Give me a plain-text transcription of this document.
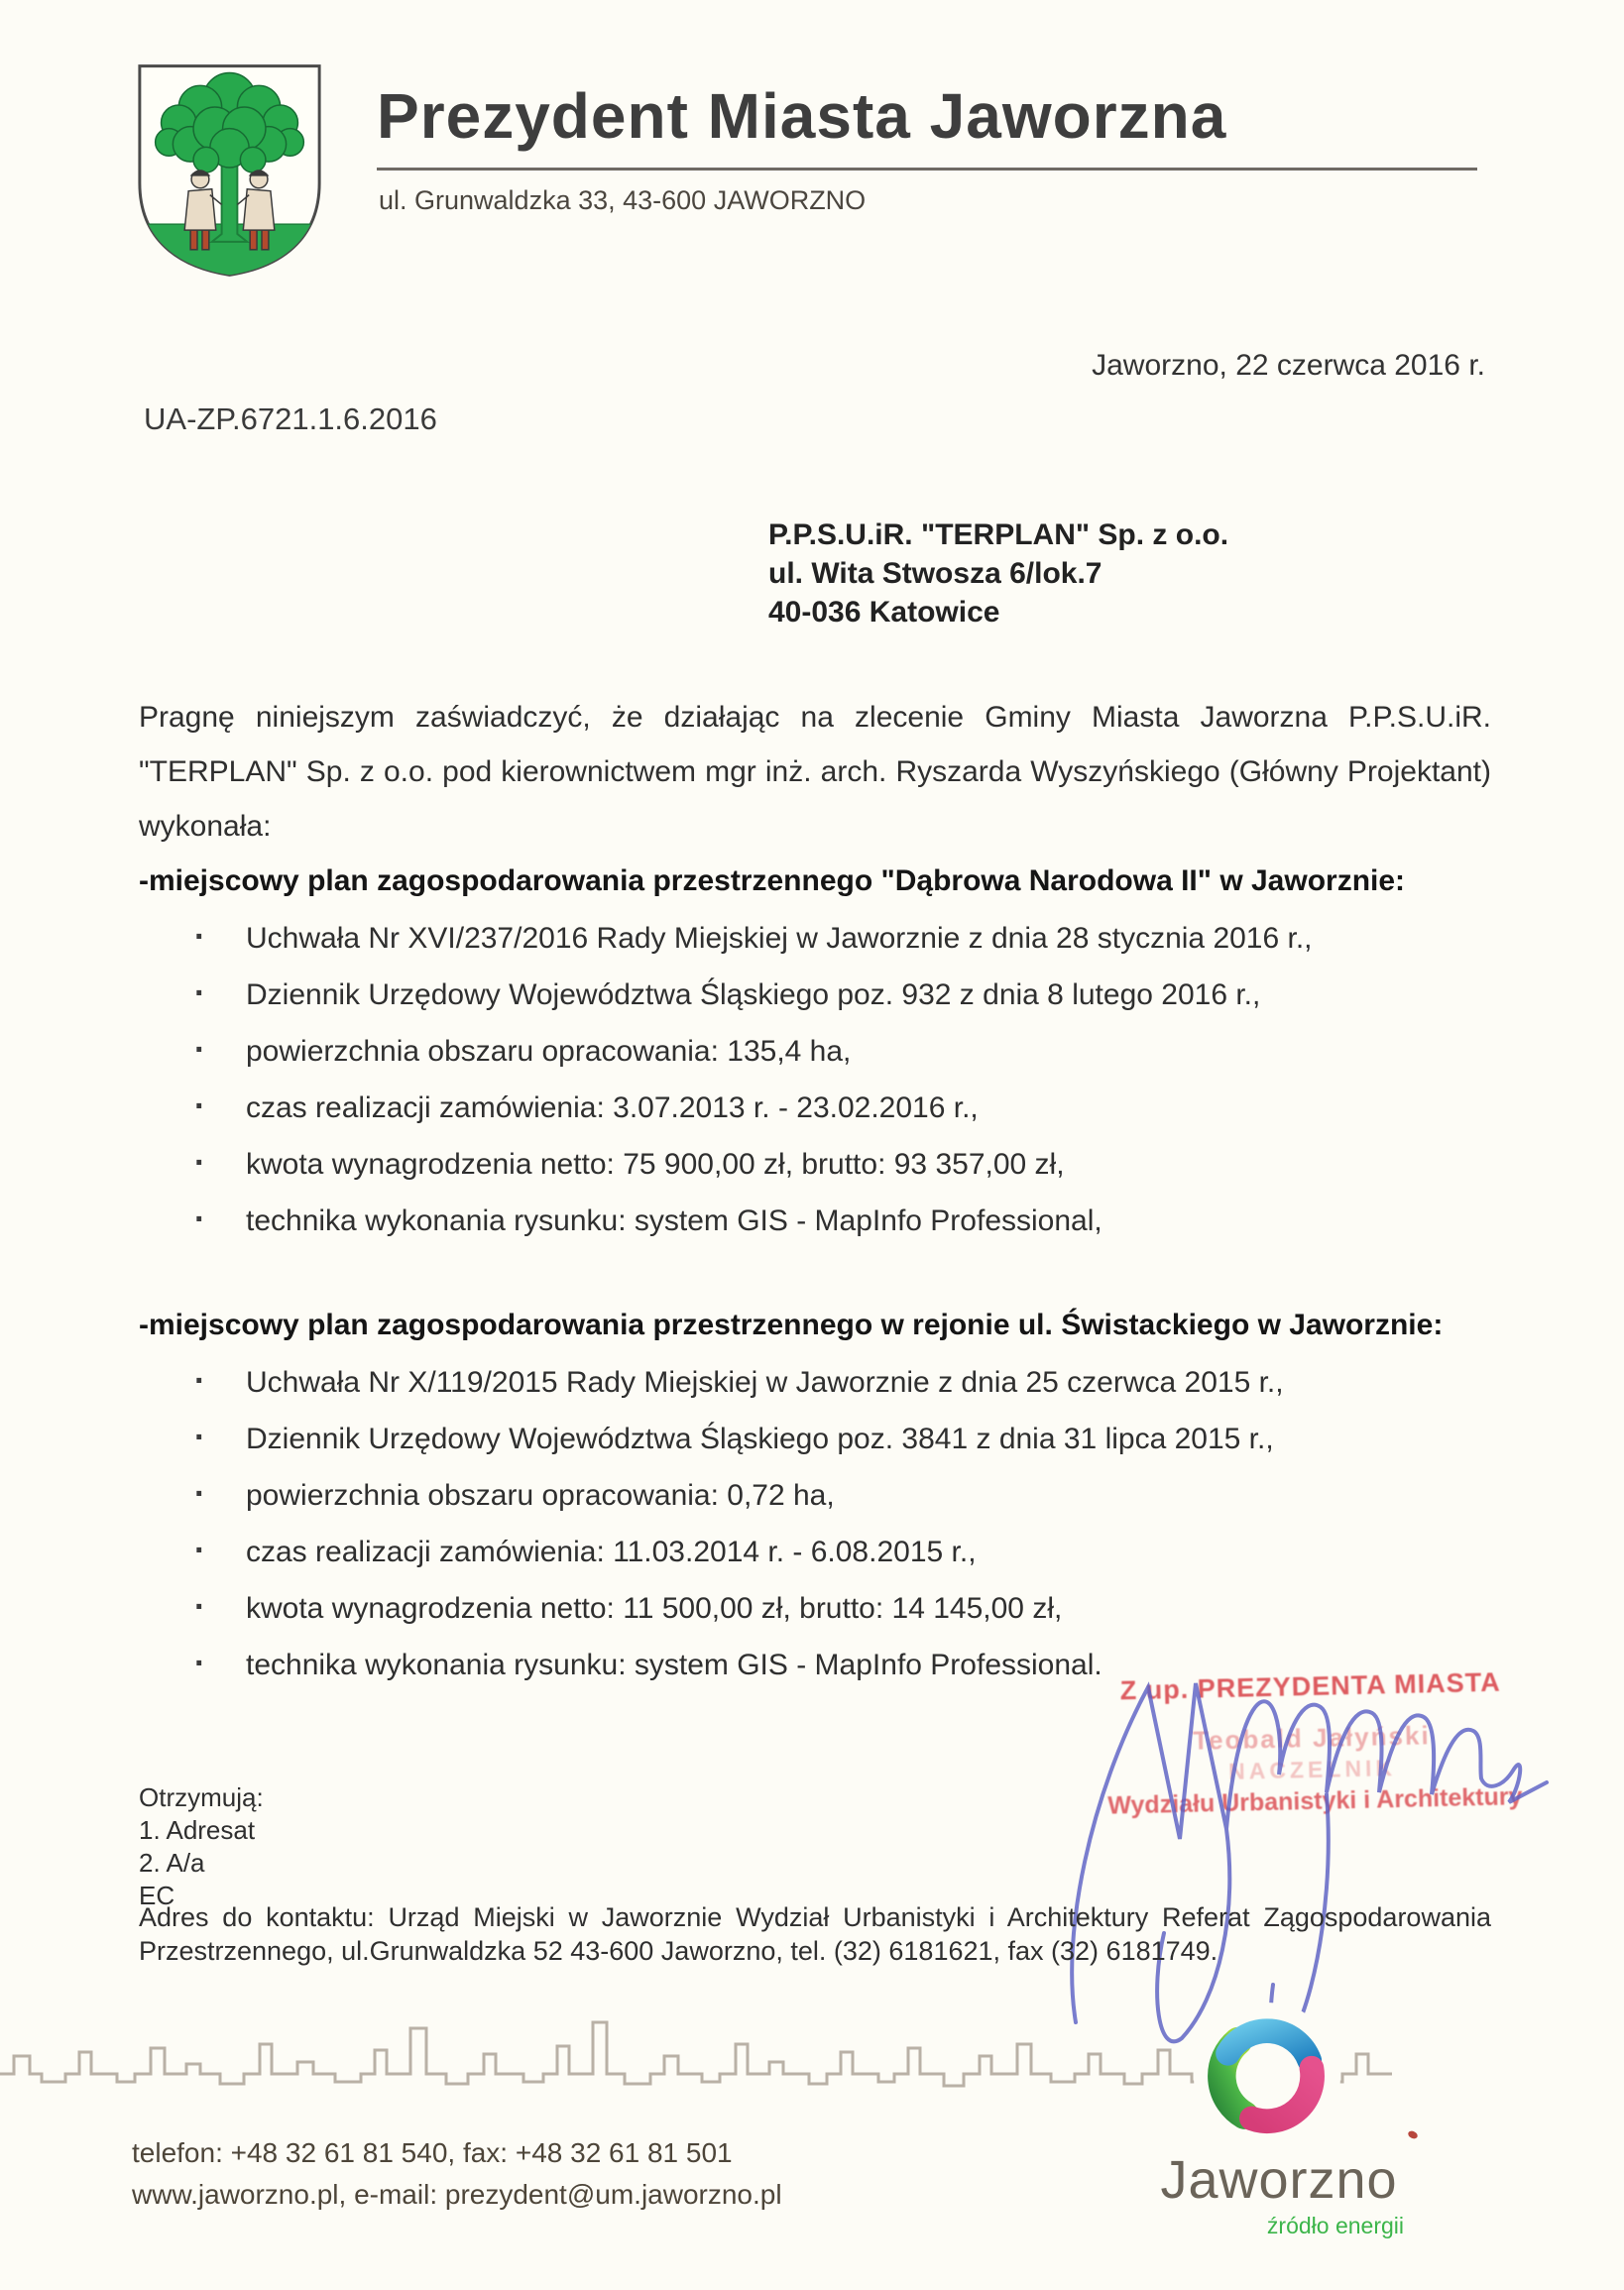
Prezydent Miasta Jaworzna
ul. Grunwaldzka 33, 43-600 JAWORZNO
Jaworzno, 22 czerwca 2016 r.
UA-ZP.6721.1.6.2016
P.P.S.U.iR. "TERPLAN" Sp. z o.o.
ul. Wita Stwosza 6/lok.7
40-036 Katowice
Pragnę niniejszym zaświadczyć, że działając na zlecenie Gminy Miasta Jaworzna P.P.S.U.iR. "TERPLAN" Sp. z o.o. pod kierownictwem mgr inż. arch. Ryszarda Wyszyńskiego (Główny Projektant) wykonała:
-miejscowy plan zagospodarowania przestrzennego "Dąbrowa Narodowa II" w Jaworznie:
· Uchwała Nr XVI/237/2016 Rady Miejskiej w Jaworznie z dnia 28 stycznia 2016 r.,
· Dziennik Urzędowy Województwa Śląskiego poz. 932 z dnia 8 lutego 2016 r.,
· powierzchnia obszaru opracowania: 135,4 ha,
· czas realizacji zamówienia: 3.07.2013 r. - 23.02.2016 r.,
· kwota wynagrodzenia netto: 75 900,00 zł, brutto: 93 357,00 zł,
· technika wykonania rysunku: system GIS - MapInfo Professional,
-miejscowy plan zagospodarowania przestrzennego w rejonie ul. Świstackiego w Jaworznie:
· Uchwała Nr X/119/2015 Rady Miejskiej w Jaworznie z dnia 25 czerwca 2015 r.,
· Dziennik Urzędowy Województwa Śląskiego poz. 3841 z dnia 31 lipca 2015 r.,
· powierzchnia obszaru opracowania: 0,72 ha,
· czas realizacji zamówienia: 11.03.2014 r. - 6.08.2015 r.,
· kwota wynagrodzenia netto: 11 500,00 zł, brutto: 14 145,00 zł,
· technika wykonania rysunku: system GIS - MapInfo Professional.
Z up. PREZYDENTA MIASTA
Teobald Jałyński
NACZELNIK
Wydziału Urbanistyki i Architektury
Otrzymują:
1. Adresat
2. A/a
EC
Adres do kontaktu: Urząd Miejski w Jaworznie Wydział Urbanistyki i Architektury Referat Zągospodarowania Przestrzennego, ul.Grunwaldzka 52 43-600 Jaworzno, tel. (32) 6181621, fax (32) 6181749.
Jaworzno
źródło energii
telefon: +48 32 61 81 540, fax: +48 32 61 81 501
www.jaworzno.pl, e-mail: prezydent@um.jaworzno.pl
